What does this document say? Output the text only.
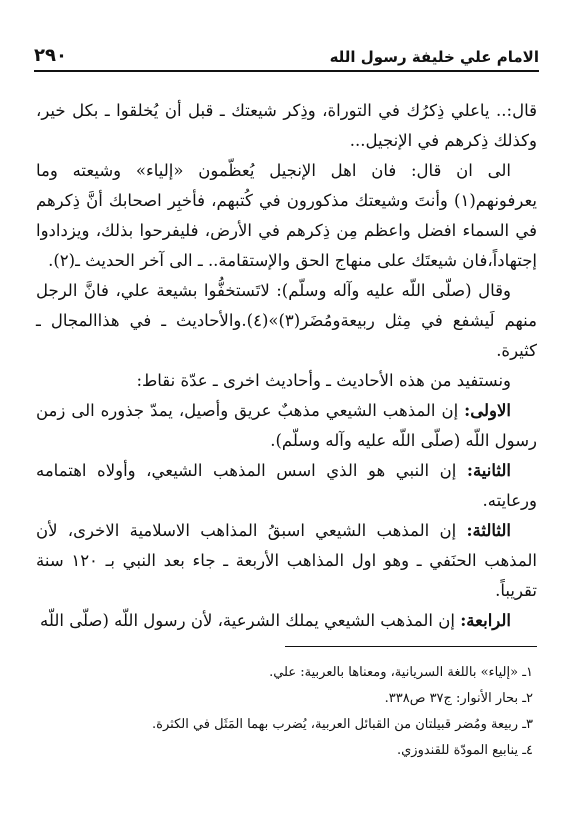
٢٩٠	الامام علي خليفة رسول الله

قال:.. ياعلي ذِكرُك في التوراة، وذِكر شيعتك ـ قبل أن يُخلقوا ـ بكل خير، وكذلك ذِكرهم في الإنجيل...

الى ان قال: فان اهل الإنجيل يُعظّمون «إلياء» وشيعته وما يعرفونهم(١) وأنتَ وشيعتك مذكورون في كُتبهم، فأخبِر اصحابك أنَّ ذِكرهم في السماء افضل واعظم مِن ذِكرهم في الأرض، فليفرحوا بذلك، ويزدادوا إجتهاداً،فان شيعتَك على منهاج الحق والإستقامة.. ـ الى آخر الحديث ـ(٢).

وقال (صلّى اللّه عليه وآله وسلّم): لاتَستخفُّوا بشيعة علي، فانَّ الرجل منهم لَيشفع في مِثل ربيعةومُضَر(٣)»(٤).والأحاديث ـ في هذاالمجال ـ كثيرة.

ونستفيد من هذه الأحاديث ـ وأحاديث اخرى ـ عدّة نقاط:

الاولى: إن المذهب الشيعي مذهبٌ عريق وأصيل، يمدّ جذوره الى زمن رسول اللّه (صلّى اللّه عليه وآله وسلّم).

الثانية: إن النبي هو الذي اسس المذهب الشيعي، وأولاه اهتمامه ورعايته.

الثالثة: إن المذهب الشيعي اسبقُ المذاهب الاسلامية الاخرى، لأن المذهب الحنَفي ـ وهو اول المذاهب الأربعة ـ جاء بعد النبي بـ ١٢٠ سنة تقريباً.

الرابعة: إن المذهب الشيعي يملك الشرعية، لأن رسول اللّه (صلّى اللّه

١ـ «إلياء» باللغة السريانية، ومعناها بالعربية: علي.
٢ـ بحار الأنوار: ج٣٧ ص٣٣٨.
٣ـ ربيعة ومُضر قبيلتان من القبائل العربية، يُضرب بهما المَثَل في الكثرة.
٤ـ ينابيع المودّة للقندوزي.
